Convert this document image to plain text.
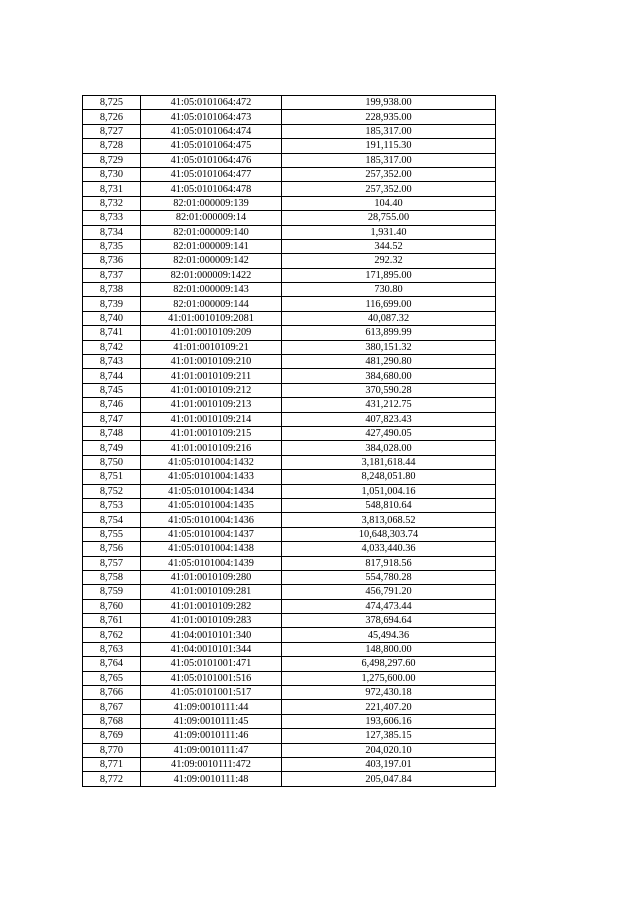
8,725	41:05:0101064:472	199,938.00
8,726	41:05:0101064:473	228,935.00
8,727	41:05:0101064:474	185,317.00
8,728	41:05:0101064:475	191,115.30
8,729	41:05:0101064:476	185,317.00
8,730	41:05:0101064:477	257,352.00
8,731	41:05:0101064:478	257,352.00
8,732	82:01:000009:139	104.40
8,733	82:01:000009:14	28,755.00
8,734	82:01:000009:140	1,931.40
8,735	82:01:000009:141	344.52
8,736	82:01:000009:142	292.32
8,737	82:01:000009:1422	171,895.00
8,738	82:01:000009:143	730.80
8,739	82:01:000009:144	116,699.00
8,740	41:01:0010109:2081	40,087.32
8,741	41:01:0010109:209	613,899.99
8,742	41:01:0010109:21	380,151.32
8,743	41:01:0010109:210	481,290.80
8,744	41:01:0010109:211	384,680.00
8,745	41:01:0010109:212	370,590.28
8,746	41:01:0010109:213	431,212.75
8,747	41:01:0010109:214	407,823.43
8,748	41:01:0010109:215	427,490.05
8,749	41:01:0010109:216	384,028.00
8,750	41:05:0101004:1432	3,181,618.44
8,751	41:05:0101004:1433	8,248,051.80
8,752	41:05:0101004:1434	1,051,004.16
8,753	41:05:0101004:1435	548,810.64
8,754	41:05:0101004:1436	3,813,068.52
8,755	41:05:0101004:1437	10,648,303.74
8,756	41:05:0101004:1438	4,033,440.36
8,757	41:05:0101004:1439	817,918.56
8,758	41:01:0010109:280	554,780.28
8,759	41:01:0010109:281	456,791.20
8,760	41:01:0010109:282	474,473.44
8,761	41:01:0010109:283	378,694.64
8,762	41:04:0010101:340	45,494.36
8,763	41:04:0010101:344	148,800.00
8,764	41:05:0101001:471	6,498,297.60
8,765	41:05:0101001:516	1,275,600.00
8,766	41:05:0101001:517	972,430.18
8,767	41:09:0010111:44	221,407.20
8,768	41:09:0010111:45	193,606.16
8,769	41:09:0010111:46	127,385.15
8,770	41:09:0010111:47	204,020.10
8,771	41:09:0010111:472	403,197.01
8,772	41:09:0010111:48	205,047.84
